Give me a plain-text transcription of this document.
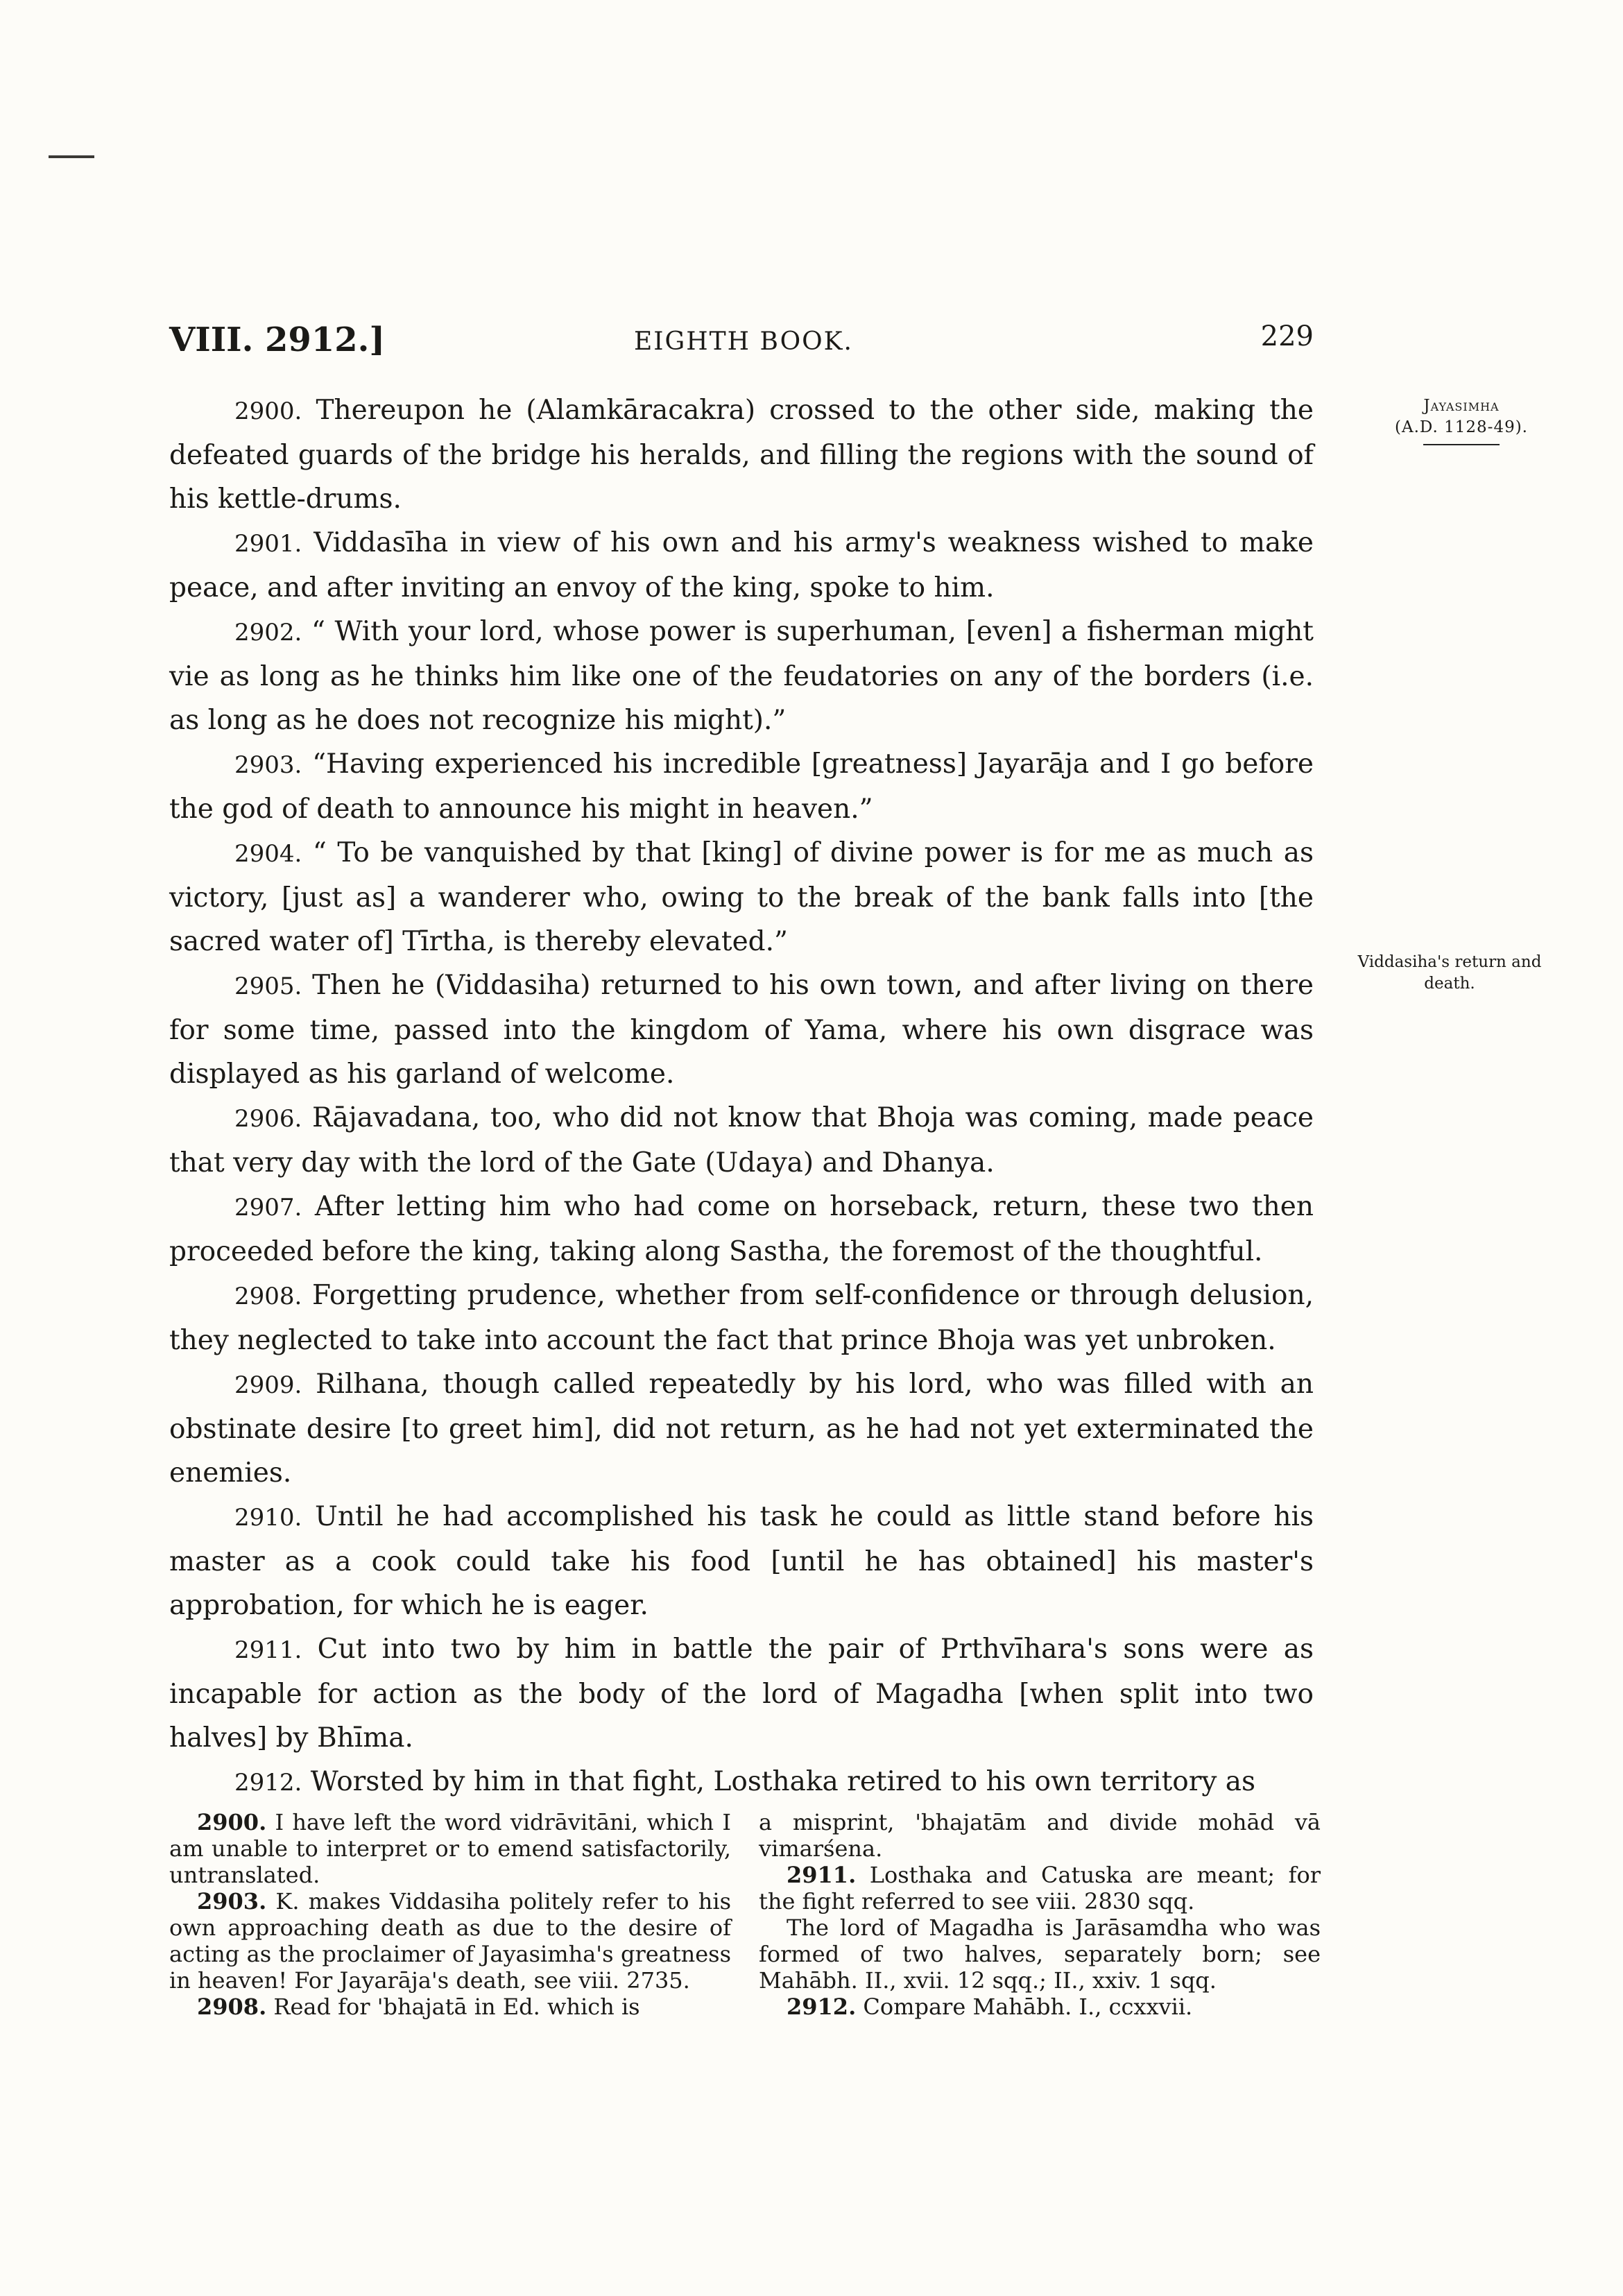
VIII. 2912.]	EIGHTH BOOK.	229
Jayasimha
(A.D. 1128-49).
Viddasiha's return and death.

2900. Thereupon he (Alamkāracakra) crossed to the other side, making the defeated guards of the bridge his heralds, and filling the regions with the sound of his kettle-drums.

2901. Viddasīha in view of his own and his army's weakness wished to make peace, and after inviting an envoy of the king, spoke to him.

2902. “ With your lord, whose power is superhuman, [even] a fisherman might vie as long as he thinks him like one of the feudatories on any of the borders (i.e. as long as he does not recognize his might).”

2903. “Having experienced his incredible [greatness] Jayarāja and I go before the god of death to announce his might in heaven.”

2904. “ To be vanquished by that [king] of divine power is for me as much as victory, [just as] a wanderer who, owing to the break of the bank falls into [the sacred water of] Tīrtha, is thereby elevated.”

2905. Then he (Viddasiha) returned to his own town, and after living on there for some time, passed into the kingdom of Yama, where his own disgrace was displayed as his garland of welcome.

2906. Rājavadana, too, who did not know that Bhoja was coming, made peace that very day with the lord of the Gate (Udaya) and Dhanya.

2907. After letting him who had come on horseback, return, these two then proceeded before the king, taking along Sastha, the foremost of the thoughtful.

2908. Forgetting prudence, whether from self-confidence or through delusion, they neglected to take into account the fact that prince Bhoja was yet unbroken.

2909. Rilhana, though called repeatedly by his lord, who was filled with an obstinate desire [to greet him], did not return, as he had not yet exterminated the enemies.

2910. Until he had accomplished his task he could as little stand before his master as a cook could take his food [until he has obtained] his master's approbation, for which he is eager.

2911. Cut into two by him in battle the pair of Prthvīhara's sons were as incapable for action as the body of the lord of Magadha [when split into two halves] by Bhīma.

2912. Worsted by him in that fight, Losthaka retired to his own territory as

2900. I have left the word vidrāvitāni, which I am unable to interpret or to emend satisfactorily, untranslated.

2903. K. makes Viddasiha politely refer to his own approaching death as due to the desire of acting as the proclaimer of Jayasimha's greatness in heaven! For Jayarāja's death, see viii. 2735.

2908. Read for 'bhajatā in Ed. which is

a misprint, 'bhajatām and divide mohād vā vimarśena.

2911. Losthaka and Catuska are meant; for the fight referred to see viii. 2830 sqq.

The lord of Magadha is Jarāsamdha who was formed of two halves, separately born; see Mahābh. II., xvii. 12 sqq.; II., xxiv. 1 sqq.

2912. Compare Mahābh. I., ccxxvii.
